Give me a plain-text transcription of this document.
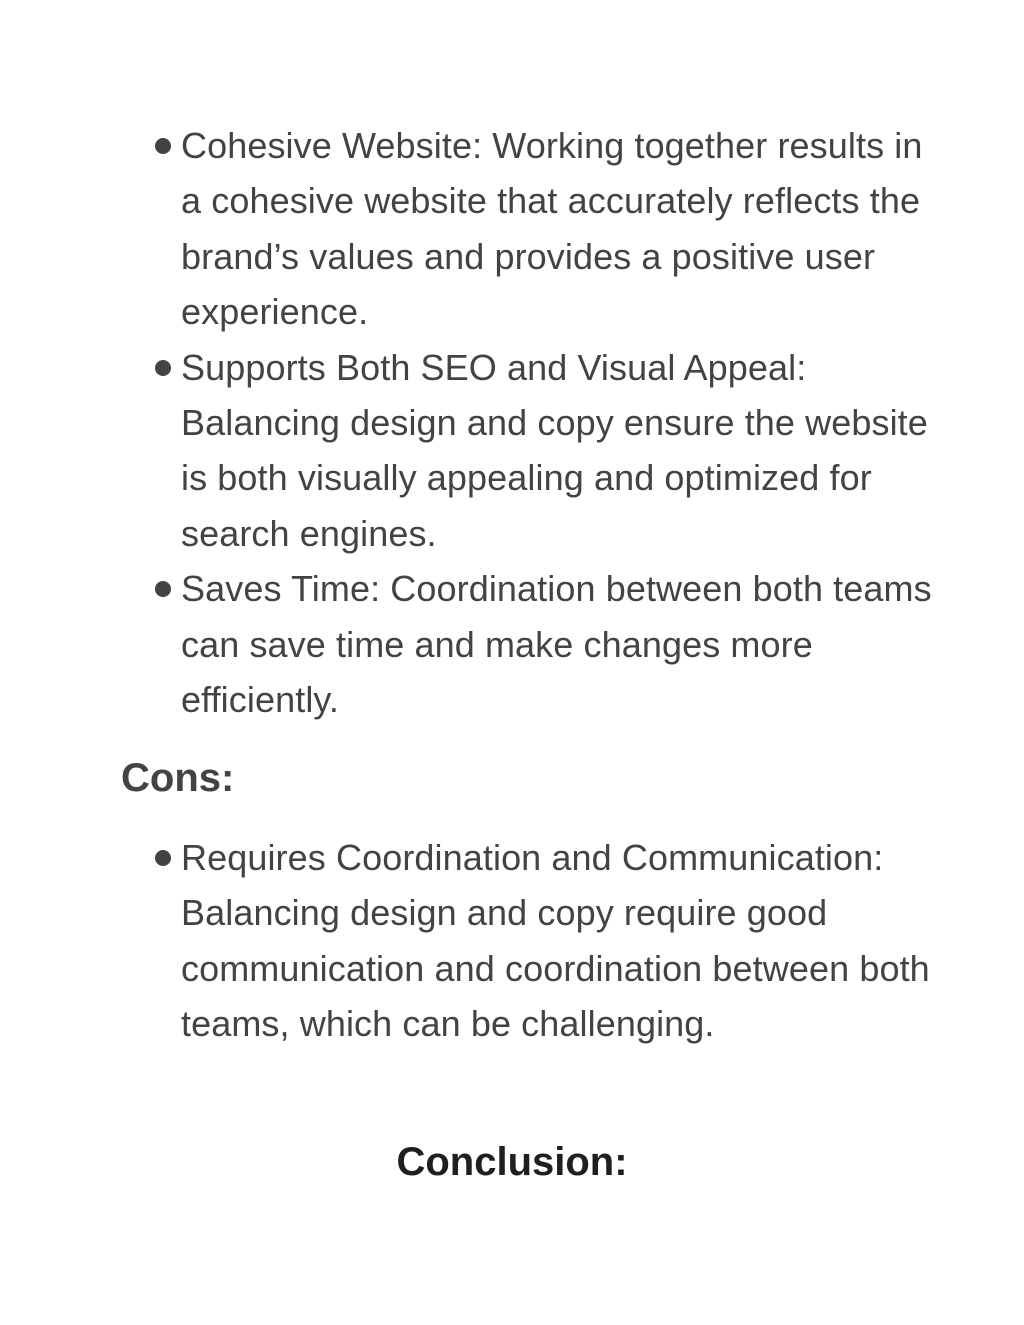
Cohesive Website: Working together results in a cohesive website that accurately reflects the brand’s values and provides a positive user experience.
Supports Both SEO and Visual Appeal: Balancing design and copy ensure the website is both visually appealing and optimized for search engines.
Saves Time: Coordination between both teams can save time and make changes more efficiently.
Cons:
Requires Coordination and Communication: Balancing design and copy require good communication and coordination between both teams, which can be challenging.
Conclusion:
